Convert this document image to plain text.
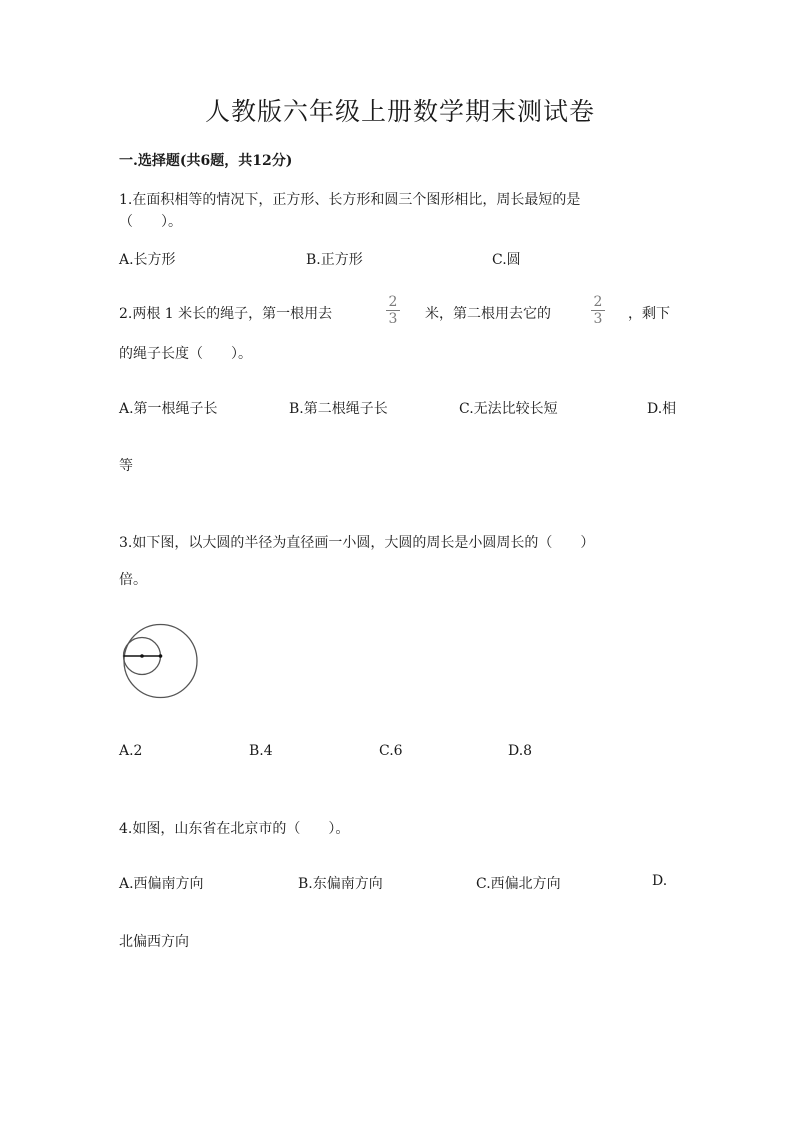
人教版六年级上册数学期末测试卷
一.选择题(共6题，共12分)
1.在面积相等的情况下，正方形、长方形和圆三个图形相比，周长最短的是
（　　）。
A.长方形	B.正方形	C.圆
2.两根 1 米长的绳子，第一根用去
2
3 米，第二根用去它的
2
3 ，剩下
的绳子长度（　　）。
A.第一根绳子长	B.第二根绳子长	C.无法比较长短	D.相
等
3.如下图，以大圆的半径为直径画一小圆，大圆的周长是小圆周长的（　　）
倍。
A.2	B.4	C.6	D.8
4.如图，山东省在北京市的（　　）。
A.西偏南方向	B.东偏南方向	C.西偏北方向	D.
北偏西方向
